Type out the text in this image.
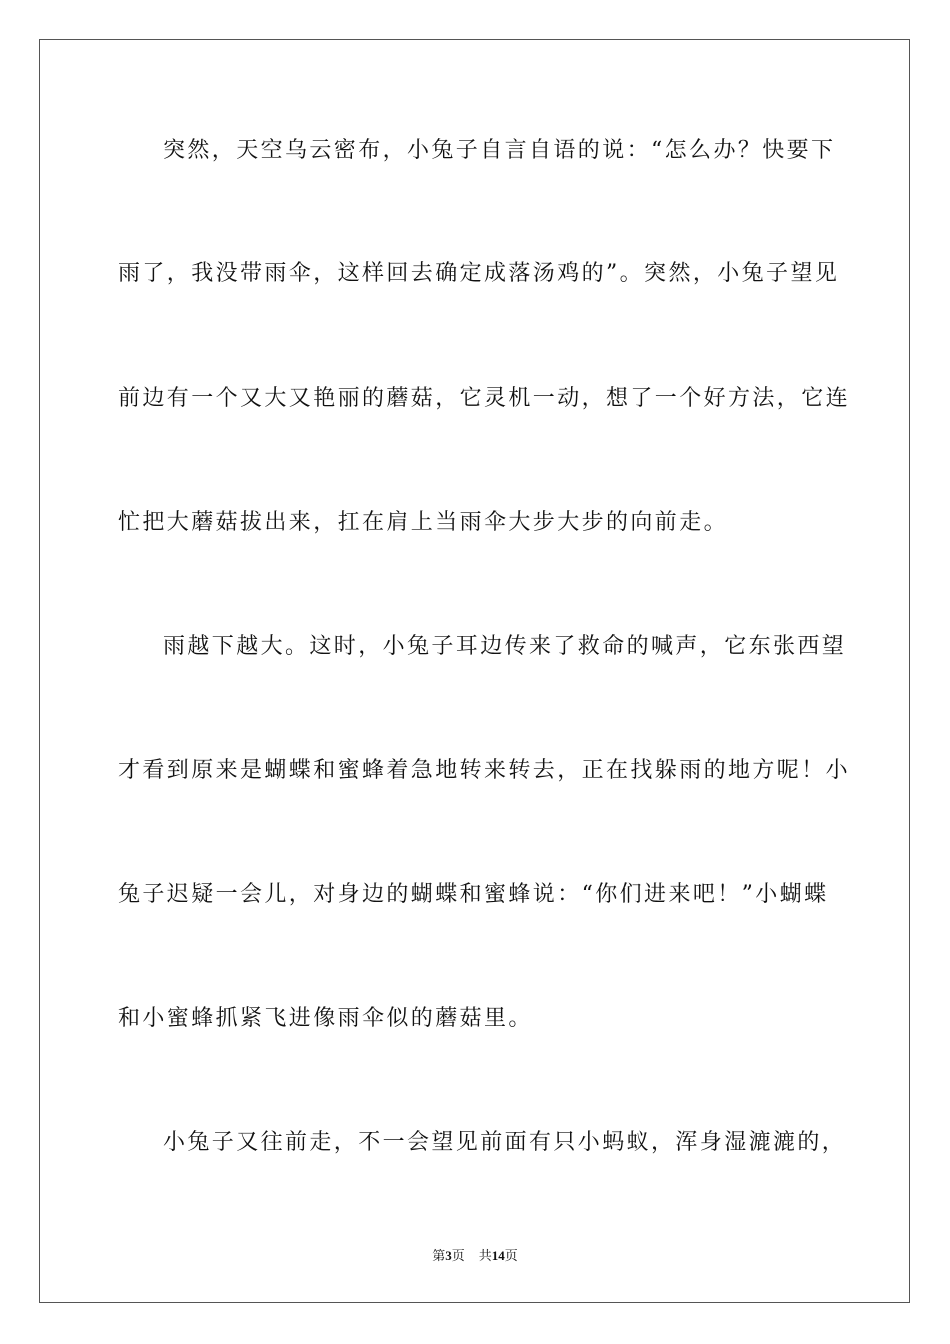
突然，天空乌云密布，小兔子自言自语的说：“怎么办？快要下
雨了，我没带雨伞，这样回去确定成落汤鸡的”。突然，小兔子望见
前边有一个又大又艳丽的蘑菇，它灵机一动，想了一个好方法，它连
忙把大蘑菇拔出来，扛在肩上当雨伞大步大步的向前走。
雨越下越大。这时，小兔子耳边传来了救命的喊声，它东张西望
才看到原来是蝴蝶和蜜蜂着急地转来转去，正在找躲雨的地方呢！小
兔子迟疑一会儿，对身边的蝴蝶和蜜蜂说：“你们进来吧！”小蝴蝶
和小蜜蜂抓紧飞进像雨伞似的蘑菇里。
小兔子又往前走，不一会望见前面有只小蚂蚁，浑身湿漉漉的，
第3页 共14页
